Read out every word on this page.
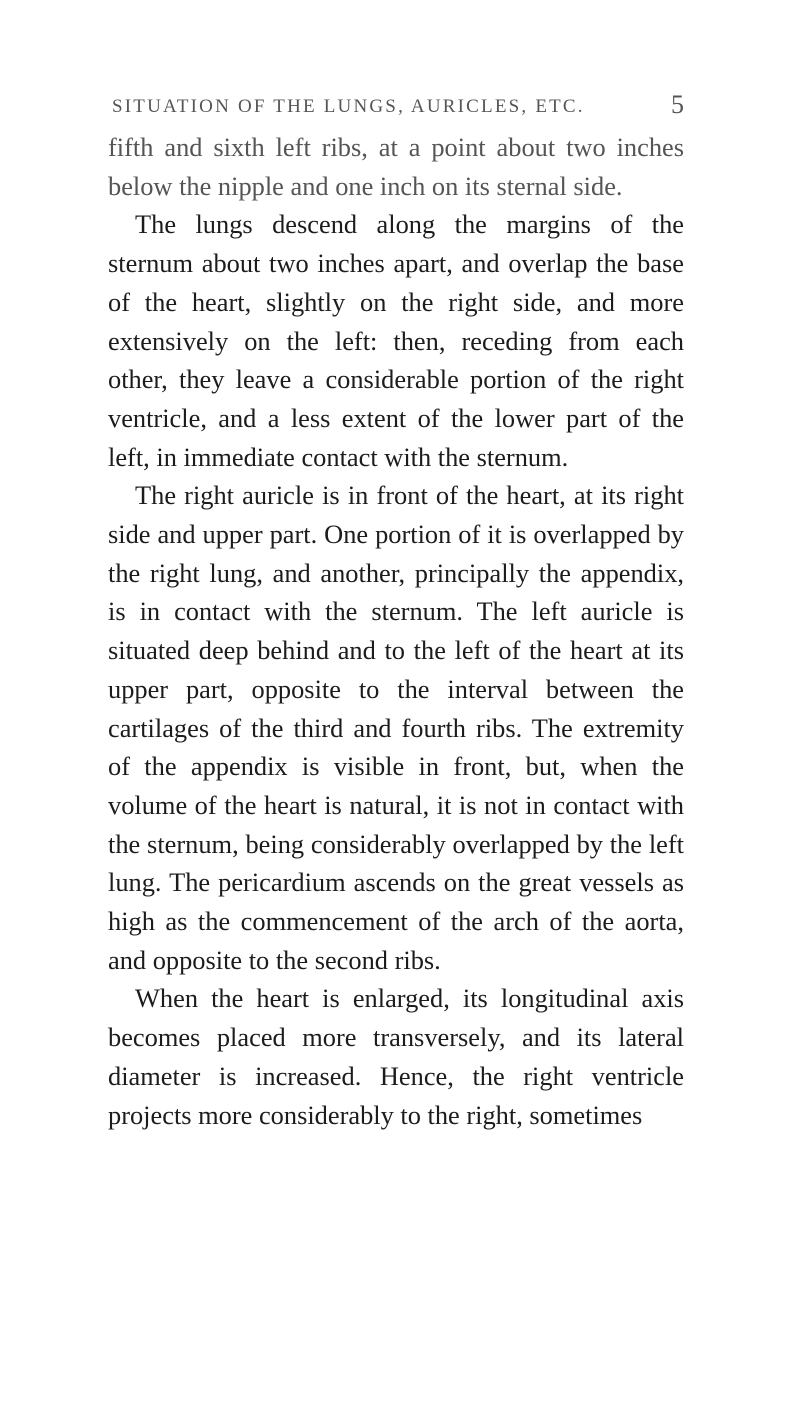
SITUATION OF THE LUNGS, AURICLES, ETC.	5

fifth and sixth left ribs, at a point about two inches below the nipple and one inch on its sternal side.

The lungs descend along the margins of the sternum about two inches apart, and overlap the base of the heart, slightly on the right side, and more extensively on the left: then, receding from each other, they leave a considerable portion of the right ventricle, and a less extent of the lower part of the left, in immediate contact with the sternum.

The right auricle is in front of the heart, at its right side and upper part. One portion of it is overlapped by the right lung, and another, principally the appendix, is in contact with the sternum. The left auricle is situated deep behind and to the left of the heart at its upper part, opposite to the interval between the cartilages of the third and fourth ribs. The extremity of the appendix is visible in front, but, when the volume of the heart is natural, it is not in contact with the sternum, being considerably overlapped by the left lung. The pericardium ascends on the great vessels as high as the commencement of the arch of the aorta, and opposite to the second ribs.

When the heart is enlarged, its longitudinal axis becomes placed more transversely, and its lateral diameter is increased. Hence, the right ventricle projects more considerably to the right, sometimes
